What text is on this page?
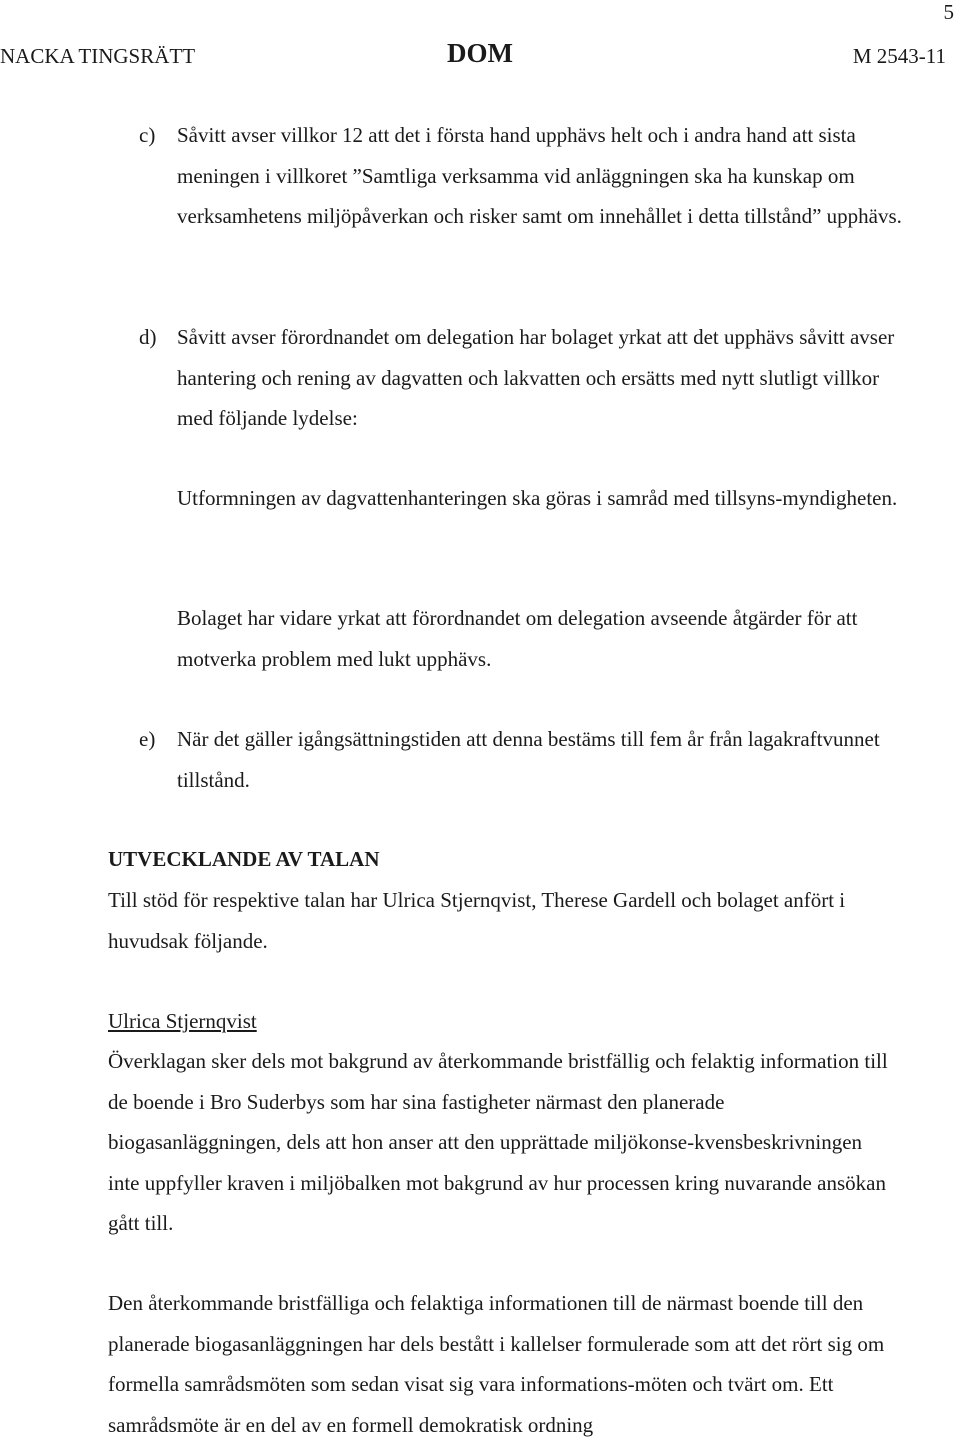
5
NACKA TINGSRÄTT	DOM	M 2543-11
c) Såvitt avser villkor 12 att det i första hand upphävs helt och i andra hand att sista meningen i villkoret ”Samtliga verksamma vid anläggningen ska ha kunskap om verksamhetens miljöpåverkan och risker samt om innehållet i detta tillstånd” upphävs.
d) Såvitt avser förordnandet om delegation har bolaget yrkat att det upphävs såvitt avser hantering och rening av dagvatten och lakvatten och ersätts med nytt slutligt villkor med följande lydelse:

Utformningen av dagvattenhanteringen ska göras i samråd med tillsyns-myndigheten.

Bolaget har vidare yrkat att förordnandet om delegation avseende åtgärder för att motverka problem med lukt upphävs.

e) När det gäller igångsättningstiden att denna bestäms till fem år från lagakraftvunnet tillstånd.
UTVECKLANDE AV TALAN

Till stöd för respektive talan har Ulrica Stjernqvist, Therese Gardell och bolaget anfört i huvudsak följande.

Ulrica Stjernqvist

Överklagan sker dels mot bakgrund av återkommande bristfällig och felaktig information till de boende i Bro Suderbys som har sina fastigheter närmast den planerade biogasanläggningen, dels att hon anser att den upprättade miljökonse-kvensbeskrivningen inte uppfyller kraven i miljöbalken mot bakgrund av hur processen kring nuvarande ansökan gått till.

Den återkommande bristfälliga och felaktiga informationen till de närmast boende till den planerade biogasanläggningen har dels bestått i kallelser formulerade som att det rört sig om formella samrådsmöten som sedan visat sig vara informations-möten och tvärt om. Ett samrådsmöte är en del av en formell demokratisk ordning
